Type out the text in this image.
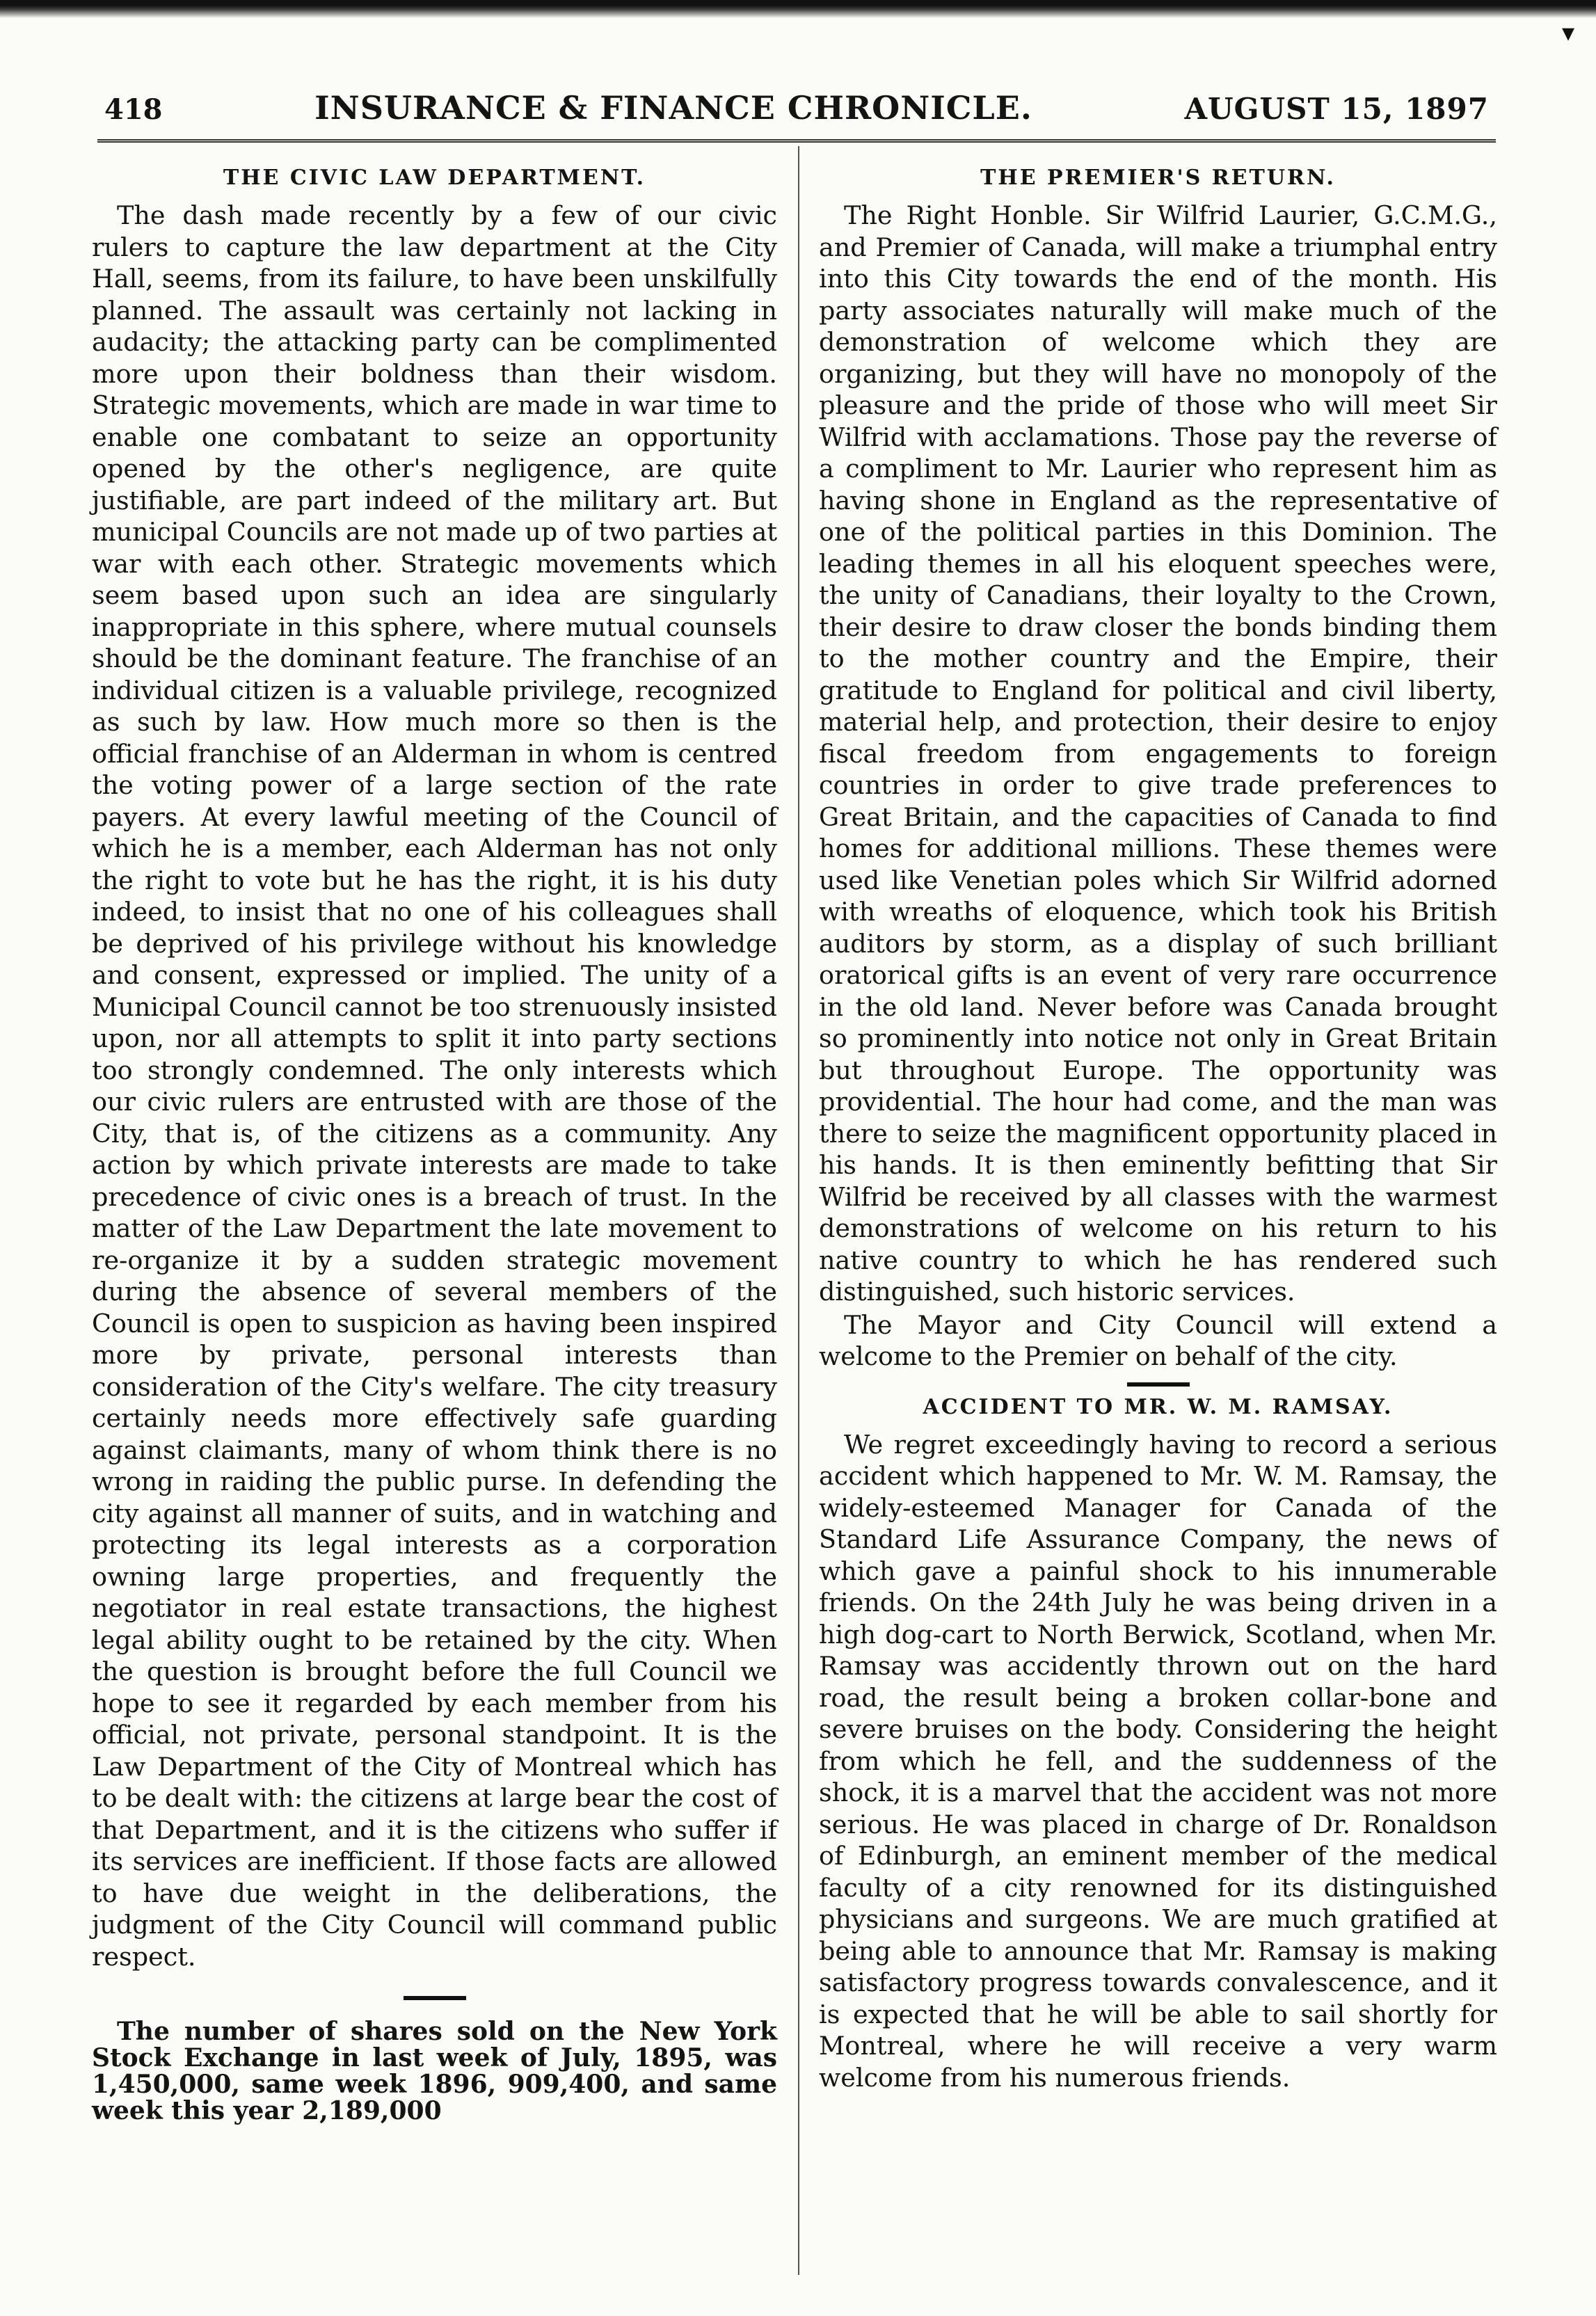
▾
418	INSURANCE & FINANCE CHRONICLE.	AUGUST 15, 1897
THE CIVIC LAW DEPARTMENT.

The dash made recently by a few of our civic rulers to capture the law department at the City Hall, seems, from its failure, to have been unskilfully planned. The assault was certainly not lacking in audacity; the attacking party can be complimented more upon their boldness than their wisdom. Strategic movements, which are made in war time to enable one combatant to seize an opportunity opened by the other's negligence, are quite justifiable, are part indeed of the military art. But municipal Councils are not made up of two parties at war with each other. Strategic movements which seem based upon such an idea are singularly inappropriate in this sphere, where mutual counsels should be the dominant feature. The franchise of an individual citizen is a valuable privilege, recognized as such by law. How much more so then is the official franchise of an Alderman in whom is centred the voting power of a large section of the rate payers. At every lawful meeting of the Council of which he is a member, each Alderman has not only the right to vote but he has the right, it is his duty indeed, to insist that no one of his colleagues shall be deprived of his privilege without his knowledge and consent, expressed or implied. The unity of a Municipal Council cannot be too strenuously insisted upon, nor all attempts to split it into party sections too strongly condemned. The only interests which our civic rulers are entrusted with are those of the City, that is, of the citizens as a community. Any action by which private interests are made to take precedence of civic ones is a breach of trust. In the matter of the Law Department the late movement to re-organize it by a sudden strategic movement during the absence of several members of the Council is open to suspicion as having been inspired more by private, personal interests than consideration of the City's welfare. The city treasury certainly needs more effectively safe guarding against claimants, many of whom think there is no wrong in raiding the public purse. In defending the city against all manner of suits, and in watching and protecting its legal interests as a corporation owning large properties, and frequently the negotiator in real estate transactions, the highest legal ability ought to be retained by the city. When the question is brought before the full Council we hope to see it regarded by each member from his official, not private, personal standpoint. It is the Law Department of the City of Montreal which has to be dealt with: the citizens at large bear the cost of that Department, and it is the citizens who suffer if its services are inefficient. If those facts are allowed to have due weight in the deliberations, the judgment of the City Council will command public respect.

The number of shares sold on the New York Stock Exchange in last week of July, 1895, was 1,450,000, same week 1896, 909,400, and same week this year 2,189,000

THE PREMIER'S RETURN.

The Right Honble. Sir Wilfrid Laurier, G.C.M.G., and Premier of Canada, will make a triumphal entry into this City towards the end of the month. His party associates naturally will make much of the demonstration of welcome which they are organizing, but they will have no monopoly of the pleasure and the pride of those who will meet Sir Wilfrid with acclamations. Those pay the reverse of a compliment to Mr. Laurier who represent him as having shone in England as the representative of one of the political parties in this Dominion. The leading themes in all his eloquent speeches were, the unity of Canadians, their loyalty to the Crown, their desire to draw closer the bonds binding them to the mother country and the Empire, their gratitude to England for political and civil liberty, material help, and protection, their desire to enjoy fiscal freedom from engagements to foreign countries in order to give trade preferences to Great Britain, and the capacities of Canada to find homes for additional millions. These themes were used like Venetian poles which Sir Wilfrid adorned with wreaths of eloquence, which took his British auditors by storm, as a display of such brilliant oratorical gifts is an event of very rare occurrence in the old land. Never before was Canada brought so prominently into notice not only in Great Britain but throughout Europe. The opportunity was providential. The hour had come, and the man was there to seize the magnificent opportunity placed in his hands. It is then eminently befitting that Sir Wilfrid be received by all classes with the warmest demonstrations of welcome on his return to his native country to which he has rendered such distinguished, such historic services.

The Mayor and City Council will extend a welcome to the Premier on behalf of the city.

ACCIDENT TO MR. W. M. RAMSAY.

We regret exceedingly having to record a serious accident which happened to Mr. W. M. Ramsay, the widely-esteemed Manager for Canada of the Standard Life Assurance Company, the news of which gave a painful shock to his innumerable friends. On the 24th July he was being driven in a high dog-cart to North Berwick, Scotland, when Mr. Ramsay was accidently thrown out on the hard road, the result being a broken collar-bone and severe bruises on the body. Considering the height from which he fell, and the suddenness of the shock, it is a marvel that the accident was not more serious. He was placed in charge of Dr. Ronaldson of Edinburgh, an eminent member of the medical faculty of a city renowned for its distinguished physicians and surgeons. We are much gratified at being able to announce that Mr. Ramsay is making satisfactory progress towards convalescence, and it is expected that he will be able to sail shortly for Montreal, where he will receive a very warm welcome from his numerous friends.
